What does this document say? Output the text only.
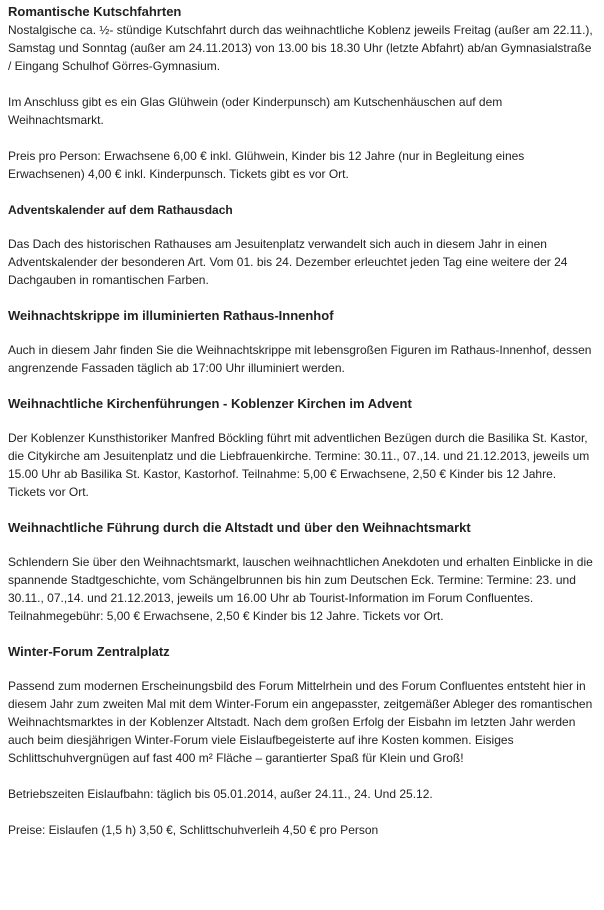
Romantische Kutschfahrten

Nostalgische ca. ½- stündige Kutschfahrt durch das weihnachtliche Koblenz jeweils Freitag (außer am 22.11.), Samstag und Sonntag (außer am 24.11.2013) von 13.00 bis 18.30 Uhr (letzte Abfahrt) ab/an Gymnasialstraße / Eingang Schulhof Görres-Gymnasium.

Im Anschluss gibt es ein Glas Glühwein (oder Kinderpunsch) am Kutschenhäuschen auf dem Weihnachtsmarkt.

Preis pro Person: Erwachsene 6,00 € inkl. Glühwein, Kinder bis 12 Jahre (nur in Begleitung eines Erwachsenen) 4,00 € inkl. Kinderpunsch. Tickets gibt es vor Ort.

Adventskalender auf dem Rathausdach

Das Dach des historischen Rathauses am Jesuitenplatz verwandelt sich auch in diesem Jahr in einen Adventskalender der besonderen Art. Vom 01. bis 24. Dezember erleuchtet jeden Tag eine weitere der 24 Dachgauben in romantischen Farben.

Weihnachtskrippe im illuminierten Rathaus-Innenhof

Auch in diesem Jahr finden Sie die Weihnachtskrippe mit lebensgroßen Figuren im Rathaus-Innenhof, dessen angrenzende Fassaden täglich ab 17:00 Uhr illuminiert werden.

Weihnachtliche Kirchenführungen - Koblenzer Kirchen im Advent

Der Koblenzer Kunsthistoriker Manfred Böckling führt mit adventlichen Bezügen durch die Basilika St. Kastor, die Citykirche am Jesuitenplatz und die Liebfrauenkirche. Termine: 30.11., 07.,14. und 21.12.2013, jeweils um 15.00 Uhr ab Basilika St. Kastor, Kastorhof. Teilnahme: 5,00 € Erwachsene, 2,50 € Kinder bis 12 Jahre. Tickets vor Ort.

Weihnachtliche Führung durch die Altstadt und über den Weihnachtsmarkt

Schlendern Sie über den Weihnachtsmarkt, lauschen weihnachtlichen Anekdoten und erhalten Einblicke in die spannende Stadtgeschichte, vom Schängelbrunnen bis hin zum Deutschen Eck. Termine: Termine: 23. und 30.11., 07.,14. und 21.12.2013, jeweils um 16.00 Uhr ab Tourist-Information im Forum Confluentes. Teilnahmegebühr: 5,00 € Erwachsene, 2,50 € Kinder bis 12 Jahre. Tickets vor Ort.

Winter-Forum Zentralplatz

Passend zum modernen Erscheinungsbild des Forum Mittelrhein und des Forum Confluentes entsteht hier in diesem Jahr zum zweiten Mal mit dem Winter-Forum ein angepasster, zeitgemäßer Ableger des romantischen Weihnachtsmarktes in der Koblenzer Altstadt. Nach dem großen Erfolg der Eisbahn im letzten Jahr werden auch beim diesjährigen Winter-Forum viele Eislaufbegeisterte auf ihre Kosten kommen. Eisiges Schlittschuhvergnügen auf fast 400 m² Fläche – garantierter Spaß für Klein und Groß!

Betriebszeiten Eislaufbahn: täglich bis 05.01.2014, außer 24.11., 24. Und 25.12.

Preise: Eislaufen (1,5 h) 3,50 €, Schlittschuhverleih 4,50 € pro Person
